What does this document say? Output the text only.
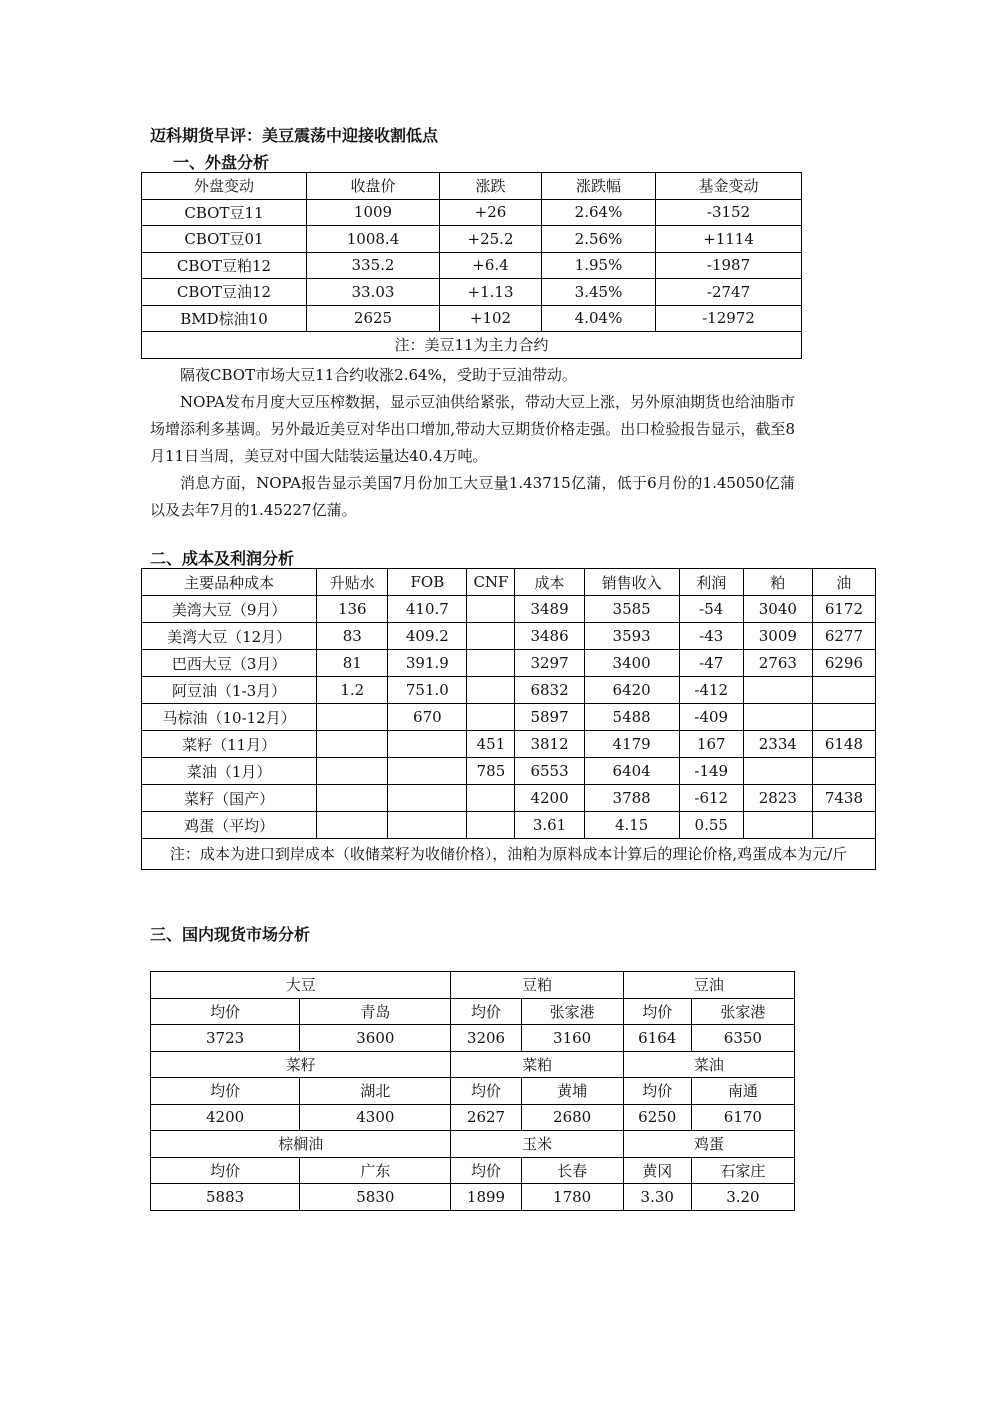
迈科期货早评：美豆震荡中迎接收割低点
一、外盘分析
外盘变动	收盘价	涨跌	涨跌幅	基金变动
CBOT豆11	1009	+26	2.64%	-3152
CBOT豆01	1008.4	+25.2	2.56%	+1114
CBOT豆粕12	335.2	+6.4	1.95%	-1987
CBOT豆油12	33.03	+1.13	3.45%	-2747
BMD棕油10	2625	+102	4.04%	-12972
注：美豆11为主力合约				
隔夜CBOT市场大豆11合约收涨2.64%，受助于豆油带动。
NOPA发布月度大豆压榨数据，显示豆油供给紧张，带动大豆上涨，另外原油期货也给油脂市场增添利多基调。另外最近美豆对华出口增加,带动大豆期货价格走强。出口检验报告显示，截至8月11日当周，美豆对中国大陆装运量达40.4万吨。
消息方面，NOPA报告显示美国7月份加工大豆量1.43715亿蒲，低于6月份的1.45050亿蒲以及去年7月的1.45227亿蒲。
二、成本及利润分析
主要品种成本	升贴水	FOB	CNF	成本	销售收入	利润	粕	油
美湾大豆（9月）	136	410.7		3489	3585	-54	3040	6172
美湾大豆（12月）	83	409.2		3486	3593	-43	3009	6277
巴西大豆（3月）	81	391.9		3297	3400	-47	2763	6296
阿豆油（1-3月）	1.2	751.0		6832	6420	-412		
马棕油（10-12月）		670		5897	5488	-409		
菜籽（11月）			451	3812	4179	167	2334	6148
菜油（1月）			785	6553	6404	-149		
菜籽（国产）				4200	3788	-612	2823	7438
鸡蛋（平均）				3.61	4.15	0.55		
注：成本为进口到岸成本（收储菜籽为收储价格），油粕为原料成本计算后的理论价格,鸡蛋成本为元/斤								
三、国内现货市场分析
大豆		豆粕		豆油	
均价	青岛	均价	张家港	均价	张家港
3723	3600	3206	3160	6164	6350
菜籽		菜粕		菜油	
均价	湖北	均价	黄埔	均价	南通
4200	4300	2627	2680	6250	6170
棕榈油		玉米		鸡蛋	
均价	广东	均价	长春	黄冈	石家庄
5883	5830	1899	1780	3.30	3.20
